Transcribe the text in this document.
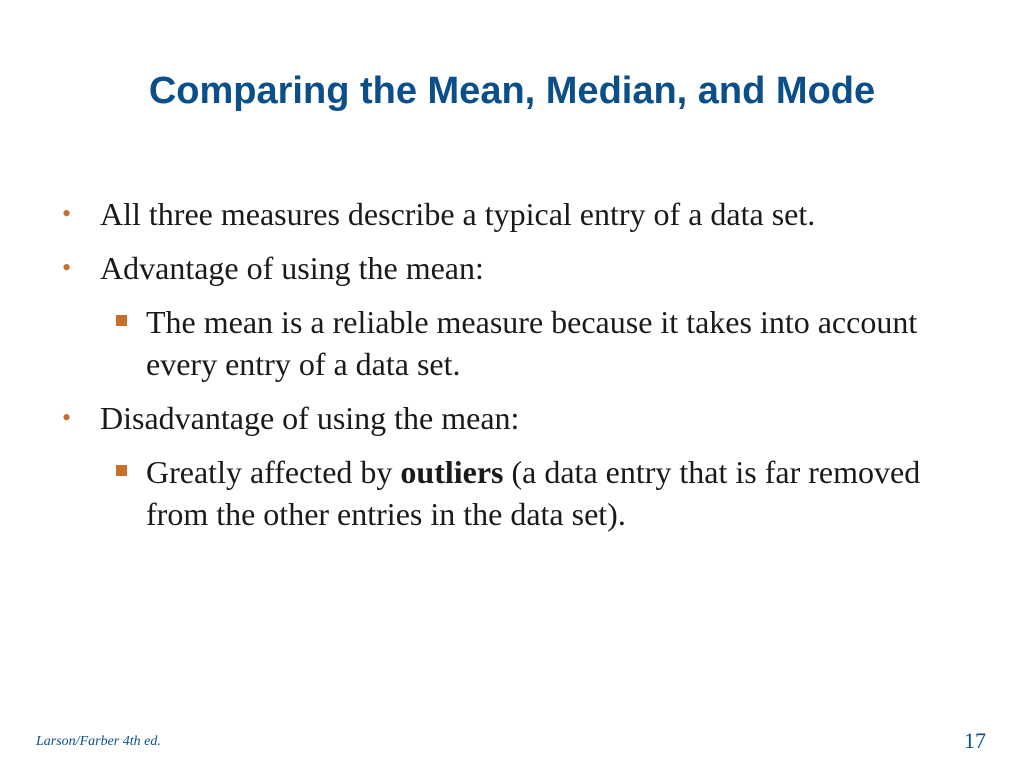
Comparing the Mean, Median, and Mode
• All three measures describe a typical entry of a data set.
• Advantage of using the mean:
The mean is a reliable measure because it takes into account every entry of a data set.
• Disadvantage of using the mean:
Greatly affected by outliers (a data entry that is far removed from the other entries in the data set).
Larson/Farber 4th ed.	17
